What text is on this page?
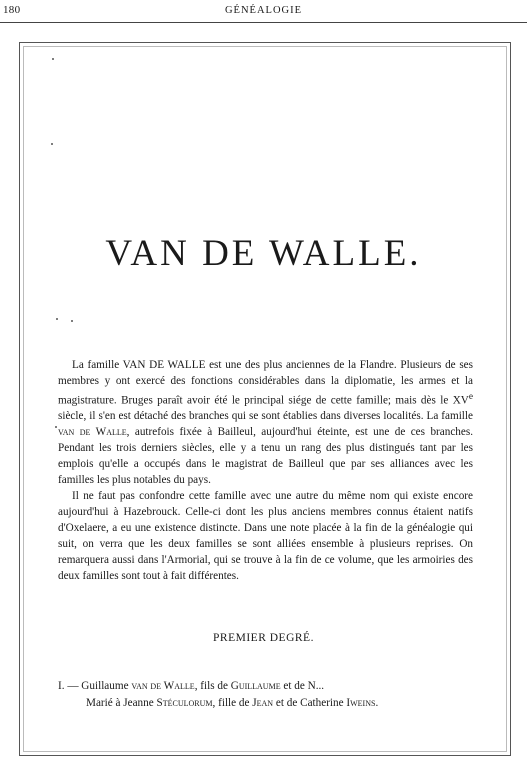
180	GÉNÉALOGIE
VAN DE WALLE.

La famille VAN DE WALLE est une des plus anciennes de la Flandre. Plusieurs de ses membres y ont exercé des fonctions considérables dans la diplomatie, les armes et la magistrature. Bruges paraît avoir été le principal siége de cette famille; mais dès le XVe siècle, il s'en est détaché des branches qui se sont établies dans diverses localités. La famille van de Walle, autrefois fixée à Bailleul, aujourd'hui éteinte, est une de ces branches. Pendant les trois derniers siècles, elle y a tenu un rang des plus distingués tant par les emplois qu'elle a occupés dans le magistrat de Bailleul que par ses alliances avec les familles les plus notables du pays.

Il ne faut pas confondre cette famille avec une autre du même nom qui existe encore aujourd'hui à Hazebrouck. Celle-ci dont les plus anciens membres connus étaient natifs d'Oxelaere, a eu une existence distincte. Dans une note placée à la fin de la généalogie qui suit, on verra que les deux familles se sont alliées ensemble à plusieurs reprises. On remarquera aussi dans l'Armorial, qui se trouve à la fin de ce volume, que les armoiries des deux familles sont tout à fait différentes.

PREMIER DEGRÉ.
I. — Guillaume van de Walle, fils de Guillaume et de N...
Marié à Jeanne Stéculorum, fille de Jean et de Catherine Iweins.
